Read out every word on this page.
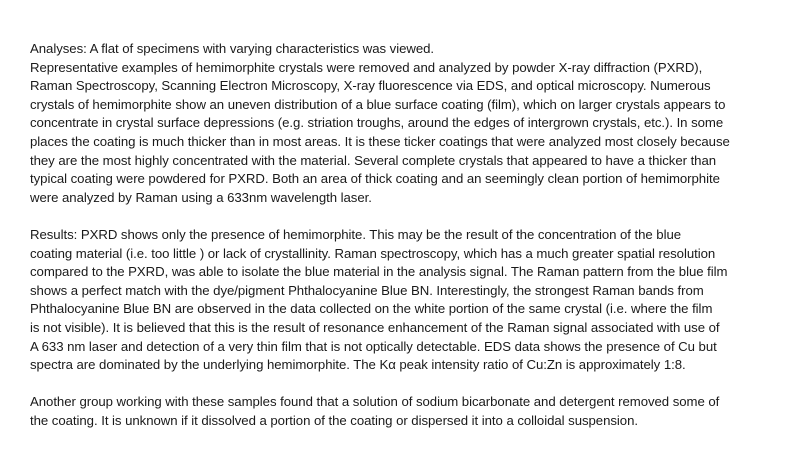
Analyses: A flat of specimens with varying characteristics was viewed.
Representative examples of hemimorphite crystals were removed and analyzed by powder X-ray diffraction (PXRD),
Raman Spectroscopy, Scanning Electron Microscopy, X-ray fluorescence via EDS, and optical microscopy. Numerous
crystals of hemimorphite show an uneven distribution of a blue surface coating (film), which on larger crystals appears to
concentrate in crystal surface depressions (e.g. striation troughs, around the edges of intergrown crystals, etc.). In some
places the coating is much thicker than in most areas. It is these ticker coatings that were analyzed most closely because
they are the most highly concentrated with the material. Several complete crystals that appeared to have a thicker than
typical coating were powdered for PXRD. Both an area of thick coating and an seemingly clean portion of hemimorphite
were analyzed by Raman using a 633nm wavelength laser.
Results: PXRD shows only the presence of hemimorphite. This may be the result of the concentration of the blue
coating material (i.e. too little ) or lack of crystallinity. Raman spectroscopy, which has a much greater spatial resolution
compared to the PXRD, was able to isolate the blue material in the analysis signal. The Raman pattern from the blue film
shows a perfect match with the dye/pigment Phthalocyanine Blue BN. Interestingly, the strongest Raman bands from
Phthalocyanine Blue BN are observed in the data collected on the white portion of the same crystal (i.e. where the film
is not visible). It is believed that this is the result of resonance enhancement of the Raman signal associated with use of
A 633 nm laser and detection of a very thin film that is not optically detectable. EDS data shows the presence of Cu but
spectra are dominated by the underlying hemimorphite. The Kα peak intensity ratio of Cu:Zn is approximately 1:8.
Another group working with these samples found that a solution of sodium bicarbonate and detergent removed some of
the coating. It is unknown if it dissolved a portion of the coating or dispersed it into a colloidal suspension.
